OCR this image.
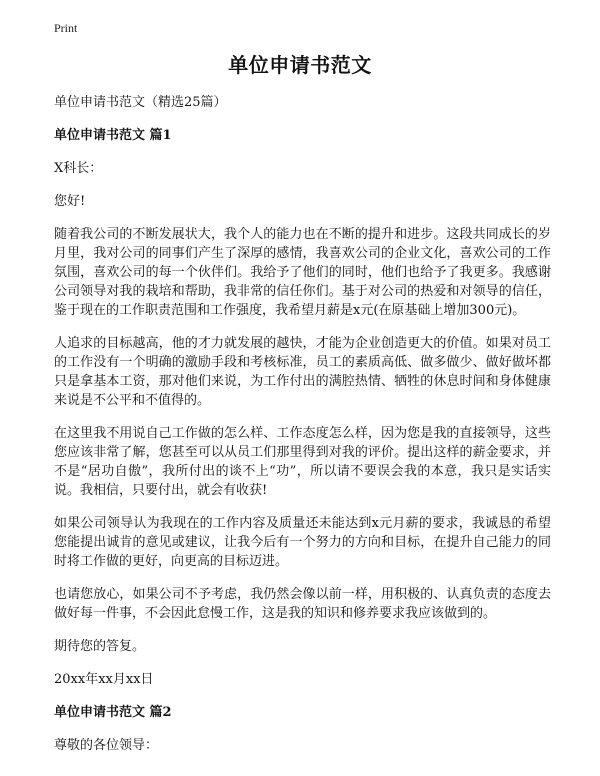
Print
单位申请书范文

单位申请书范文（精选25篇）

单位申请书范文 篇1

X科长：

您好!

随着我公司的不断发展状大，我个人的能力也在不断的提升和进步。这段共同成长的岁月里，我对公司的同事们产生了深厚的感情，我喜欢公司的企业文化，喜欢公司的工作氛围，喜欢公司的每一个伙伴们。我给予了他们的同时，他们也给予了我更多。我感谢公司领导对我的栽培和帮助，我非常的信任你们。基于对公司的热爱和对领导的信任，鉴于现在的工作职责范围和工作强度，我希望月薪是x元(在原基础上增加300元)。

人追求的目标越高，他的才力就发展的越快，才能为企业创造更大的价值。如果对员工的工作没有一个明确的激励手段和考核标准，员工的素质高低、做多做少、做好做坏都只是拿基本工资，那对他们来说，为工作付出的满腔热情、牺牲的休息时间和身体健康来说是不公平和不值得的。

在这里我不用说自己工作做的怎么样、工作态度怎么样，因为您是我的直接领导，这些您应该非常了解，您甚至可以从员工们那里得到对我的评价。提出这样的薪金要求，并不是“居功自傲”，我所付出的谈不上“功”，所以请不要误会我的本意，我只是实话实说。我相信，只要付出，就会有收获!

如果公司领导认为我现在的工作内容及质量还未能达到x元月薪的要求，我诚恳的希望您能提出诚肯的意见或建议，让我今后有一个努力的方向和目标，在提升自己能力的同时将工作做的更好，向更高的目标迈进。

也请您放心，如果公司不予考虑，我仍然会像以前一样，用积极的、认真负责的态度去做好每一件事，不会因此怠慢工作，这是我的知识和修养要求我应该做到的。

期待您的答复。

20xx年xx月xx日

单位申请书范文 篇2

尊敬的各位领导：
